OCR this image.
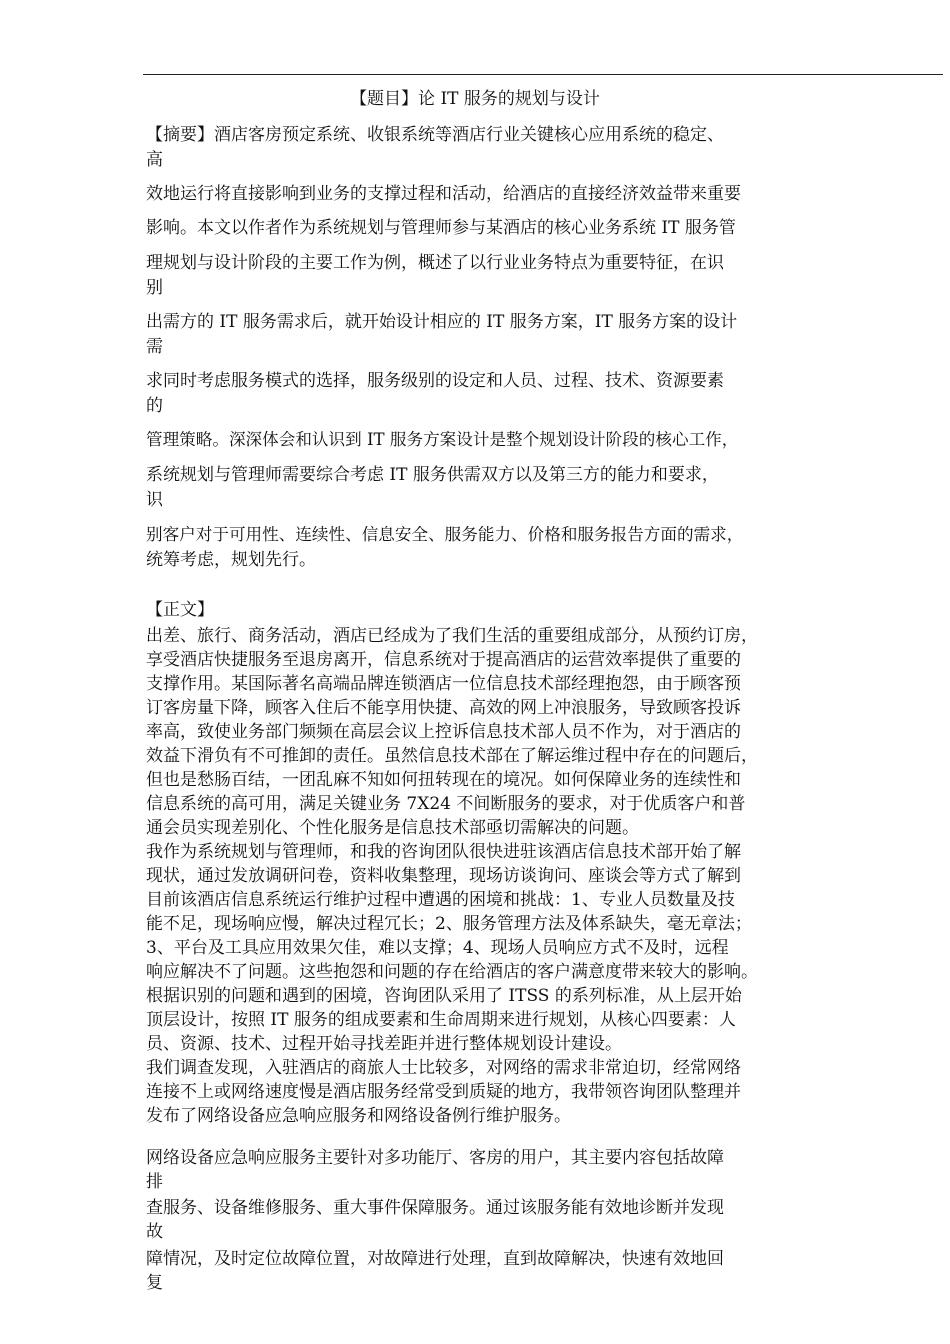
【题目】论 IT 服务的规划与设计
【摘要】酒店客房预定系统、收银系统等酒店行业关键核心应用系统的稳定、
高
效地运行将直接影响到业务的支撑过程和活动，给酒店的直接经济效益带来重要
影响。本文以作者作为系统规划与管理师参与某酒店的核心业务系统 IT 服务管
理规划与设计阶段的主要工作为例，概述了以行业业务特点为重要特征，在识
别
出需方的 IT 服务需求后，就开始设计相应的 IT 服务方案，IT 服务方案的设计
需
求同时考虑服务模式的选择，服务级别的设定和人员、过程、技术、资源要素
的
管理策略。深深体会和认识到 IT 服务方案设计是整个规划设计阶段的核心工作，
系统规划与管理师需要综合考虑 IT 服务供需双方以及第三方的能力和要求，
识
别客户对于可用性、连续性、信息安全、服务能力、价格和服务报告方面的需求，
统筹考虑，规划先行。
【正文】
出差、旅行、商务活动，酒店已经成为了我们生活的重要组成部分，从预约订房，
享受酒店快捷服务至退房离开，信息系统对于提高酒店的运营效率提供了重要的
支撑作用。某国际著名高端品牌连锁酒店一位信息技术部经理抱怨，由于顾客预
订客房量下降，顾客入住后不能享用快捷、高效的网上冲浪服务，导致顾客投诉
率高，致使业务部门频频在高层会议上控诉信息技术部人员不作为，对于酒店的
效益下滑负有不可推卸的责任。虽然信息技术部在了解运维过程中存在的问题后，
但也是愁肠百结，一团乱麻不知如何扭转现在的境况。如何保障业务的连续性和
信息系统的高可用，满足关键业务 7X24 不间断服务的要求，对于优质客户和普
通会员实现差别化、个性化服务是信息技术部亟切需解决的问题。
我作为系统规划与管理师，和我的咨询团队很快进驻该酒店信息技术部开始了解
现状，通过发放调研问卷，资料收集整理，现场访谈询问、座谈会等方式了解到
目前该酒店信息系统运行维护过程中遭遇的困境和挑战：1、专业人员数量及技
能不足，现场响应慢，解决过程冗长；2、服务管理方法及体系缺失，毫无章法；
3、平台及工具应用效果欠佳，难以支撑；4、现场人员响应方式不及时，远程
响应解决不了问题。这些抱怨和问题的存在给酒店的客户满意度带来较大的影响。
根据识别的问题和遇到的困境，咨询团队采用了 ITSS 的系列标准，从上层开始
顶层设计，按照 IT 服务的组成要素和生命周期来进行规划，从核心四要素：人
员、资源、技术、过程开始寻找差距并进行整体规划设计建设。
我们调查发现，入驻酒店的商旅人士比较多，对网络的需求非常迫切，经常网络
连接不上或网络速度慢是酒店服务经常受到质疑的地方，我带领咨询团队整理并
发布了网络设备应急响应服务和网络设备例行维护服务。
网络设备应急响应服务主要针对多功能厅、客房的用户，其主要内容包括故障
排
查服务、设备维修服务、重大事件保障服务。通过该服务能有效地诊断并发现
故
障情况，及时定位故障位置，对故障进行处理，直到故障解决，快速有效地回
复
